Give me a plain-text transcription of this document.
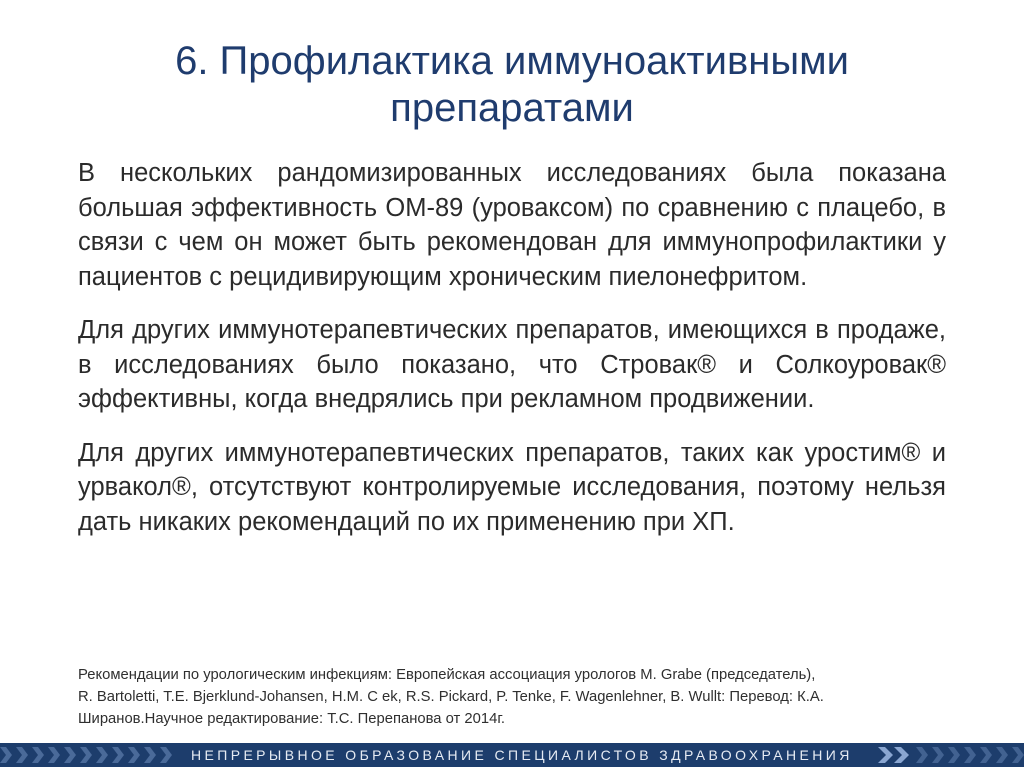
6. Профилактика иммуноактивными
препаратами

В нескольких рандомизированных исследованиях была показана большая эффективность ОМ-89 (уроваксом) по сравнению с плацебо, в связи с чем он может быть рекомендован для иммунопрофилактики у пациентов с рецидивирующим хроническим пиелонефритом.

Для других иммунотерапевтических препаратов, имеющихся в продаже, в исследованиях было показано, что Стровак® и Солкоуровак® эффективны, когда внедрялись при рекламном продвижении.

Для других иммунотерапевтических препаратов, таких как уростим® и урвакол®, отсутствуют контролируемые исследования, поэтому нельзя дать никаких рекомендаций по их применению при ХП.

Рекомендации по урологическим инфекциям: Европейская ассоциация урологов M. Grabe (председатель),
R. Bartoletti, T.E. Bjerklund-Johansen, H.M. C ek, R.S. Pickard, P. Tenke, F. Wagenlehner, B. Wullt: Перевод: К.А.
Ширанов.Научное редактирование: Т.С. Перепанова от 2014г.
НЕПРЕРЫВНОЕ ОБРАЗОВАНИЕ СПЕЦИАЛИСТОВ ЗДРАВООХРАНЕНИЯ
